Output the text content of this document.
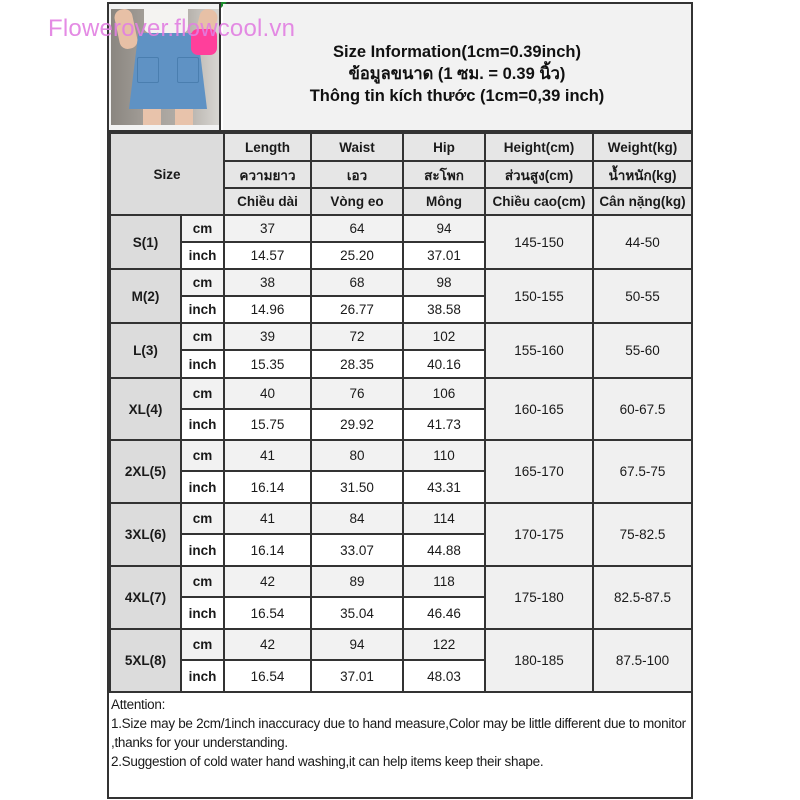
Size Information(1cm=0.39inch)
ข้อมูลขนาด (1 ซม. = 0.39 นิ้ว)
Thông tin kích thước (1cm=0,39 inch)
Size		Length	Waist	Hip	Height(cm)	Weight(kg)
		ความยาว	เอว	สะโพก	ส่วนสูง(cm)	น้ำหนัก(kg)
		Chiều dài	Vòng eo	Mông	Chiều cao(cm)	Cân nặng(kg)
S(1)	cm	37	64	94	145-150	44-50
	inch	14.57	25.20	37.01		
M(2)	cm	38	68	98	150-155	50-55
	inch	14.96	26.77	38.58		
L(3)	cm	39	72	102	155-160	55-60
	inch	15.35	28.35	40.16		
XL(4)	cm	40	76	106	160-165	60-67.5
	inch	15.75	29.92	41.73		
2XL(5)	cm	41	80	110	165-170	67.5-75
	inch	16.14	31.50	43.31		
3XL(6)	cm	41	84	114	170-175	75-82.5
	inch	16.14	33.07	44.88		
4XL(7)	cm	42	89	118	175-180	82.5-87.5
	inch	16.54	35.04	46.46		
5XL(8)	cm	42	94	122	180-185	87.5-100
	inch	16.54	37.01	48.03		
Attention:
1.Size may be 2cm/1inch inaccuracy due to hand measure,Color may be little different due to monitor ,thanks for your understanding.
2.Suggestion of cold water hand washing,it can help items keep their shape.
Flowerover.flowcool.vn
